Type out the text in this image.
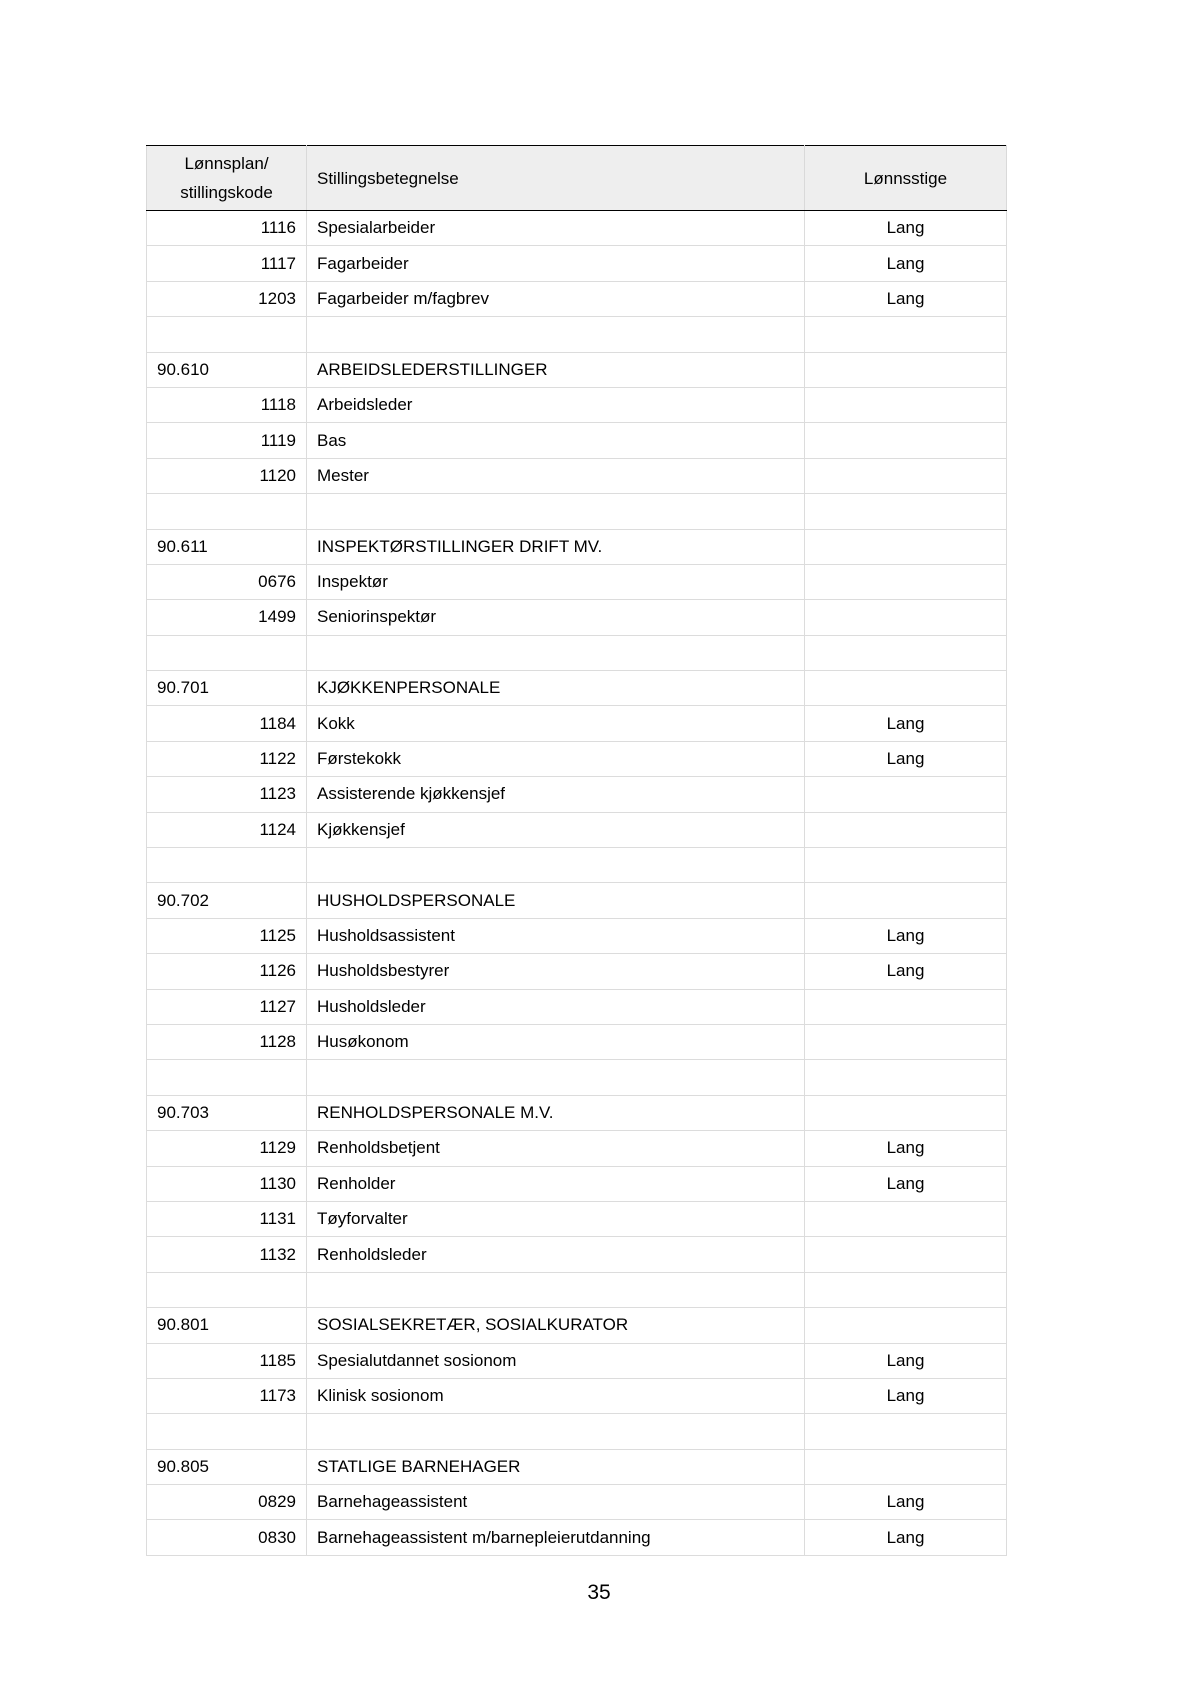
Lønnsplan/
stillingskode	Stillingsbetegnelse	Lønnsstige
1116	Spesialarbeider	Lang
1117	Fagarbeider	Lang
1203	Fagarbeider m/fagbrev	Lang

90.610	ARBEIDSLEDERSTILLINGER	
1118	Arbeidsleder	
1119	Bas	
1120	Mester	

90.611	INSPEKTØRSTILLINGER DRIFT MV.	
0676	Inspektør	
1499	Seniorinspektør	

90.701	KJØKKENPERSONALE	
1184	Kokk	Lang
1122	Førstekokk	Lang
1123	Assisterende kjøkkensjef	
1124	Kjøkkensjef	

90.702	HUSHOLDSPERSONALE	
1125	Husholdsassistent	Lang
1126	Husholdsbestyrer	Lang
1127	Husholdsleder	
1128	Husøkonom	

90.703	RENHOLDSPERSONALE M.V.	
1129	Renholdsbetjent	Lang
1130	Renholder	Lang
1131	Tøyforvalter	
1132	Renholdsleder	

90.801	SOSIALSEKRETÆR, SOSIALKURATOR	
1185	Spesialutdannet sosionom	Lang
1173	Klinisk sosionom	Lang

90.805	STATLIGE BARNEHAGER	
0829	Barnehageassistent	Lang
0830	Barnehageassistent m/barnepleierutdanning	Lang
35
